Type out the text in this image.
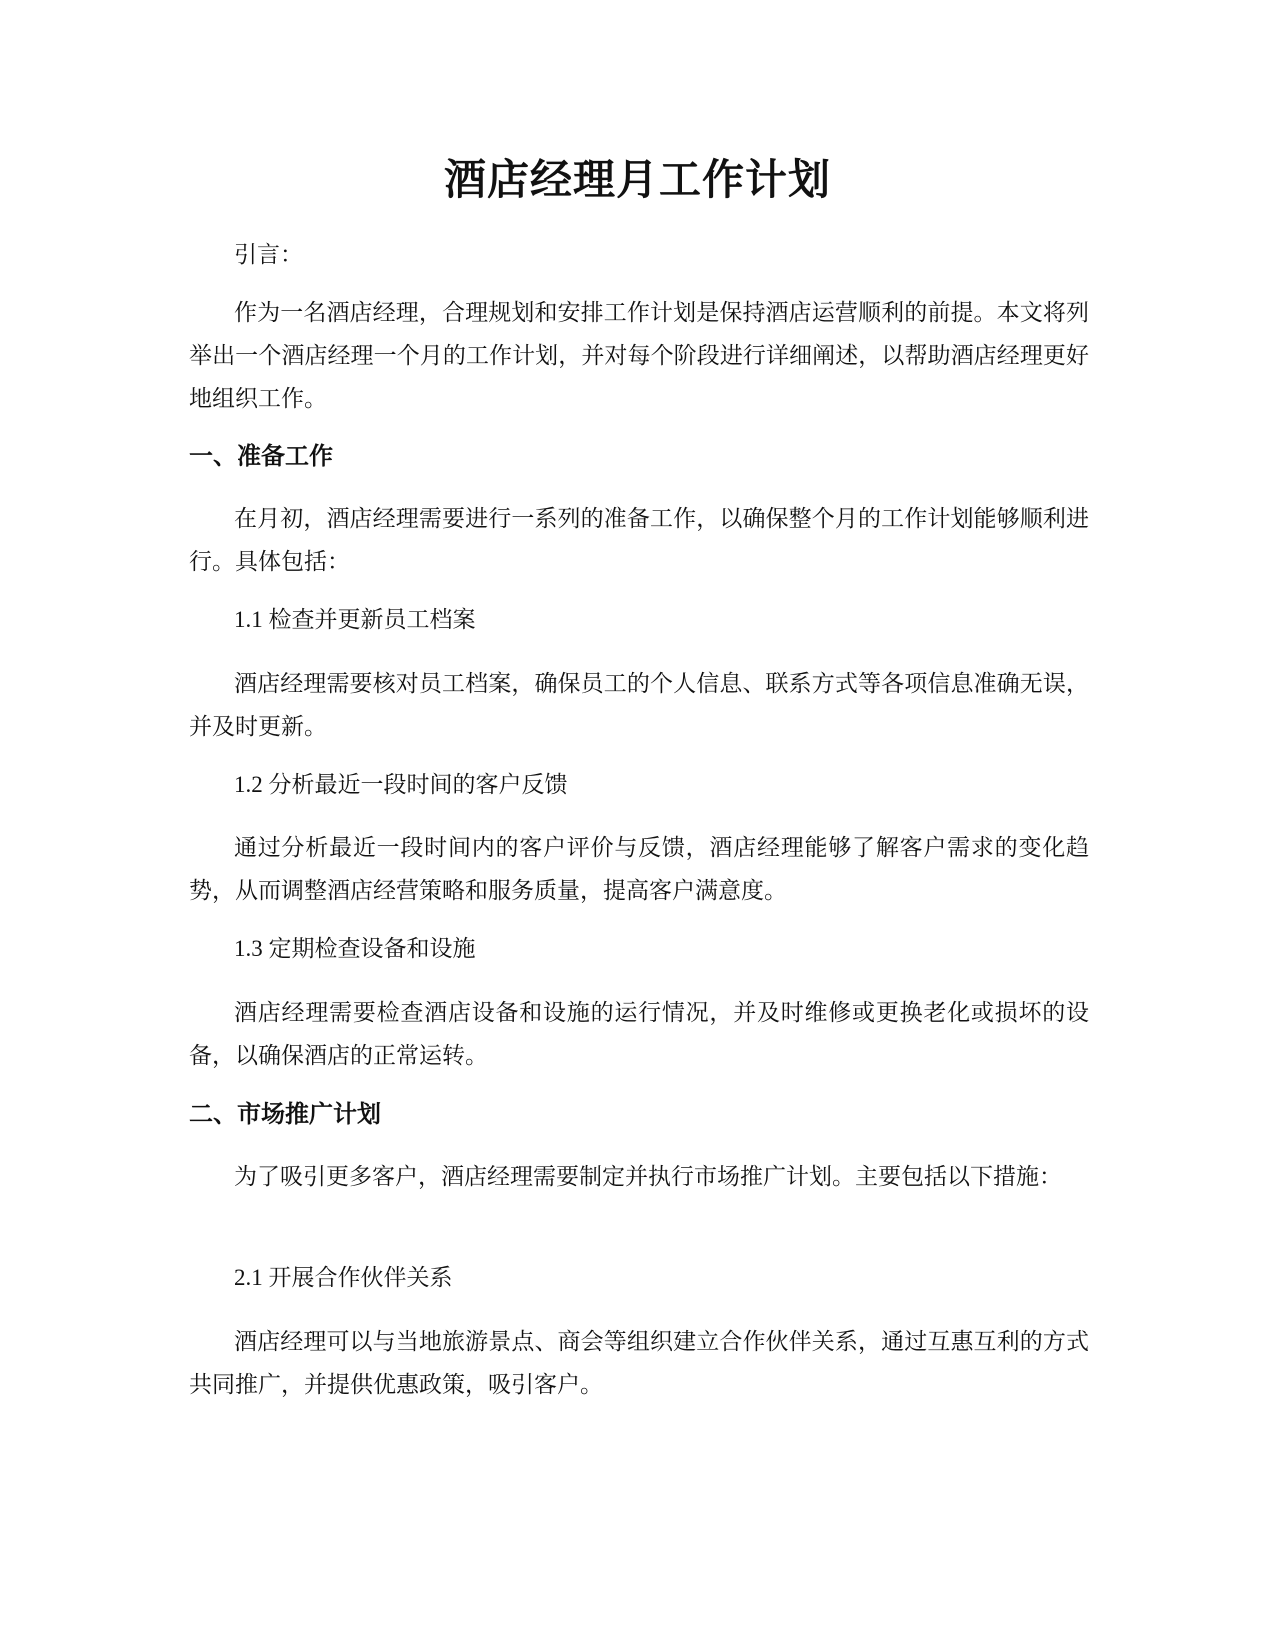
酒店经理月工作计划

引言：

作为一名酒店经理，合理规划和安排工作计划是保持酒店运营顺利的前提。本文将列举出一个酒店经理一个月的工作计划，并对每个阶段进行详细阐述，以帮助酒店经理更好地组织工作。

一、准备工作

在月初，酒店经理需要进行一系列的准备工作，以确保整个月的工作计划能够顺利进行。具体包括：

1.1 检查并更新员工档案

酒店经理需要核对员工档案，确保员工的个人信息、联系方式等各项信息准确无误，并及时更新。

1.2 分析最近一段时间的客户反馈

通过分析最近一段时间内的客户评价与反馈，酒店经理能够了解客户需求的变化趋势，从而调整酒店经营策略和服务质量，提高客户满意度。

1.3 定期检查设备和设施

酒店经理需要检查酒店设备和设施的运行情况，并及时维修或更换老化或损坏的设备，以确保酒店的正常运转。

二、市场推广计划

为了吸引更多客户，酒店经理需要制定并执行市场推广计划。主要包括以下措施：

2.1 开展合作伙伴关系

酒店经理可以与当地旅游景点、商会等组织建立合作伙伴关系，通过互惠互利的方式共同推广，并提供优惠政策，吸引客户。
